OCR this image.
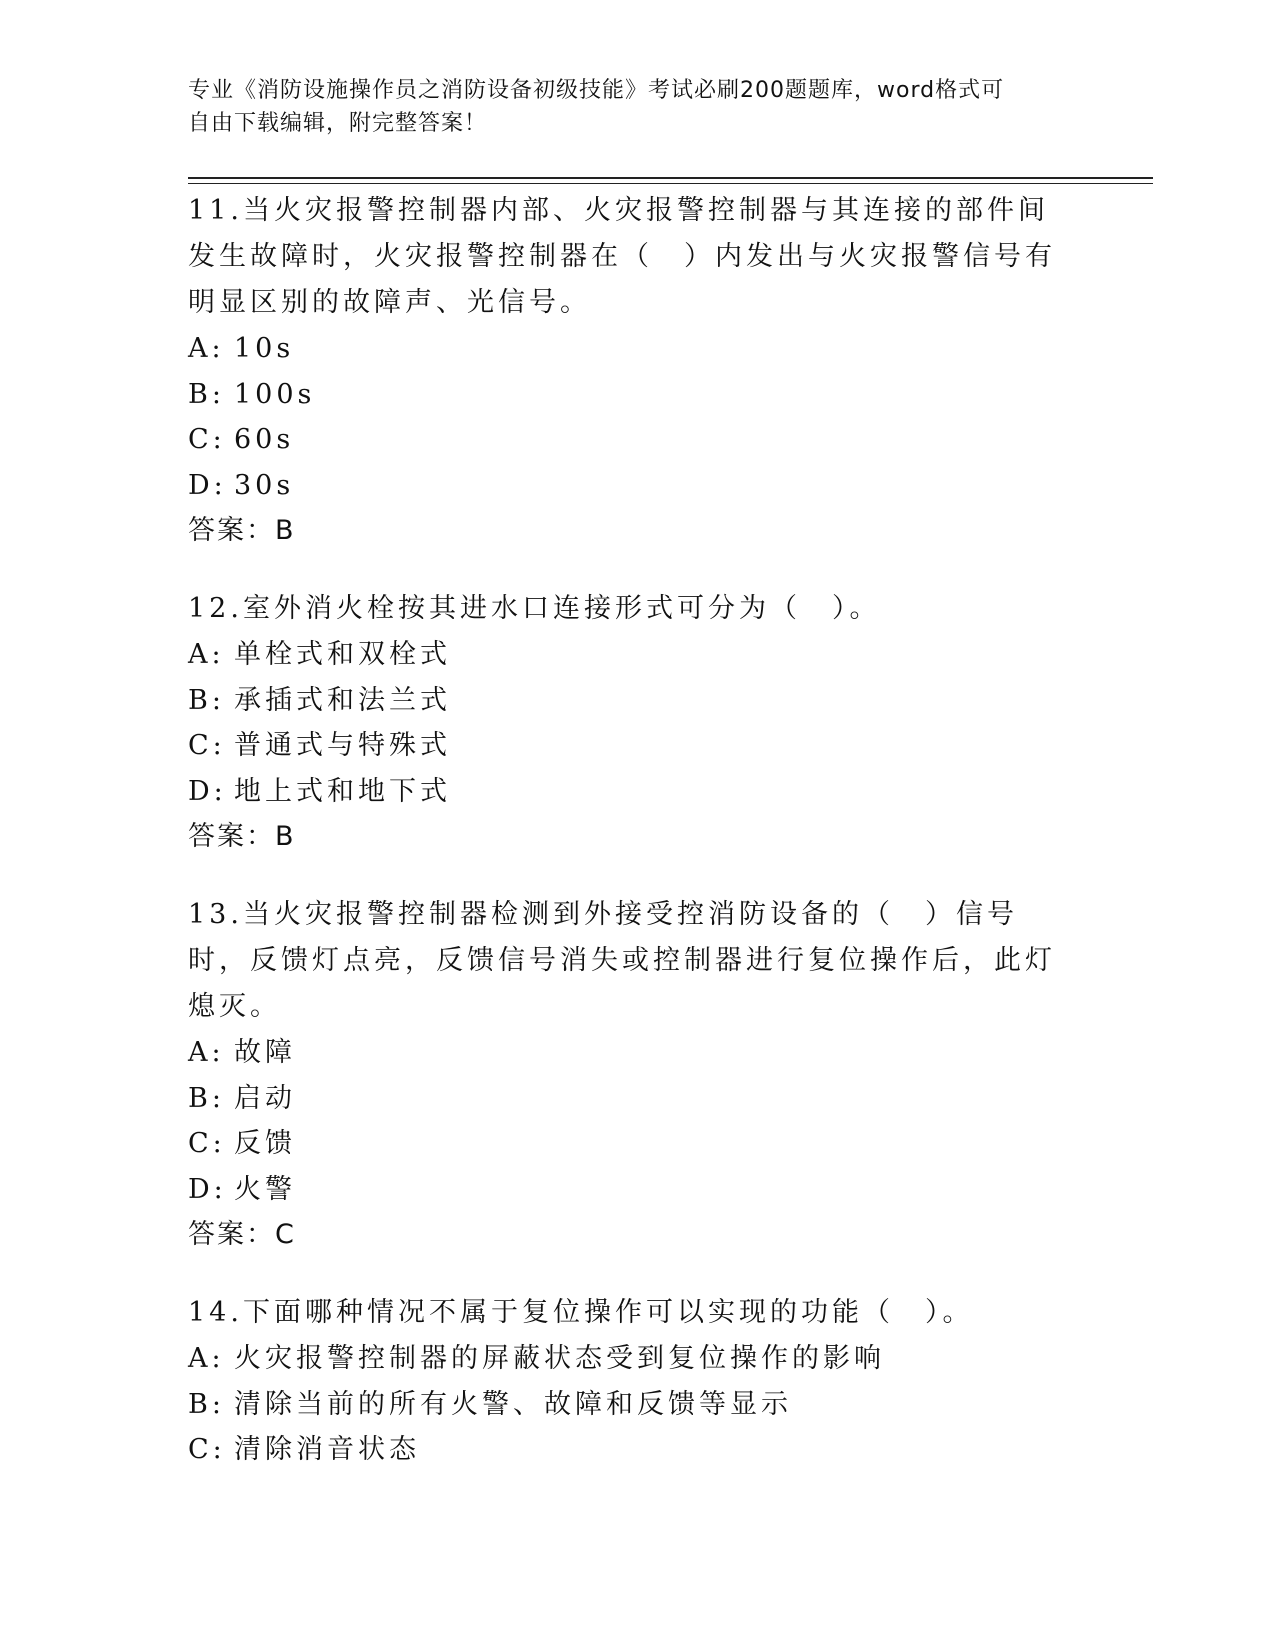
专业《消防设施操作员之消防设备初级技能》考试必刷200题题库，word格式可
自由下载编辑，附完整答案！

11.当火灾报警控制器内部、火灾报警控制器与其连接的部件间发生故障时，火灾报警控制器在（　）内发出与火灾报警信号有明显区别的故障声、光信号。

A: 10s

B: 100s

C: 60s

D: 30s

答案：B

12.室外消火栓按其进水口连接形式可分为（　）。

A: 单栓式和双栓式

B: 承插式和法兰式

C: 普通式与特殊式

D: 地上式和地下式

答案：B

13.当火灾报警控制器检测到外接受控消防设备的（　）信号时，反馈灯点亮，反馈信号消失或控制器进行复位操作后，此灯熄灭。

A: 故障

B: 启动

C: 反馈

D: 火警

答案：C

14.下面哪种情况不属于复位操作可以实现的功能（　）。

A: 火灾报警控制器的屏蔽状态受到复位操作的影响

B: 清除当前的所有火警、故障和反馈等显示

C: 清除消音状态
